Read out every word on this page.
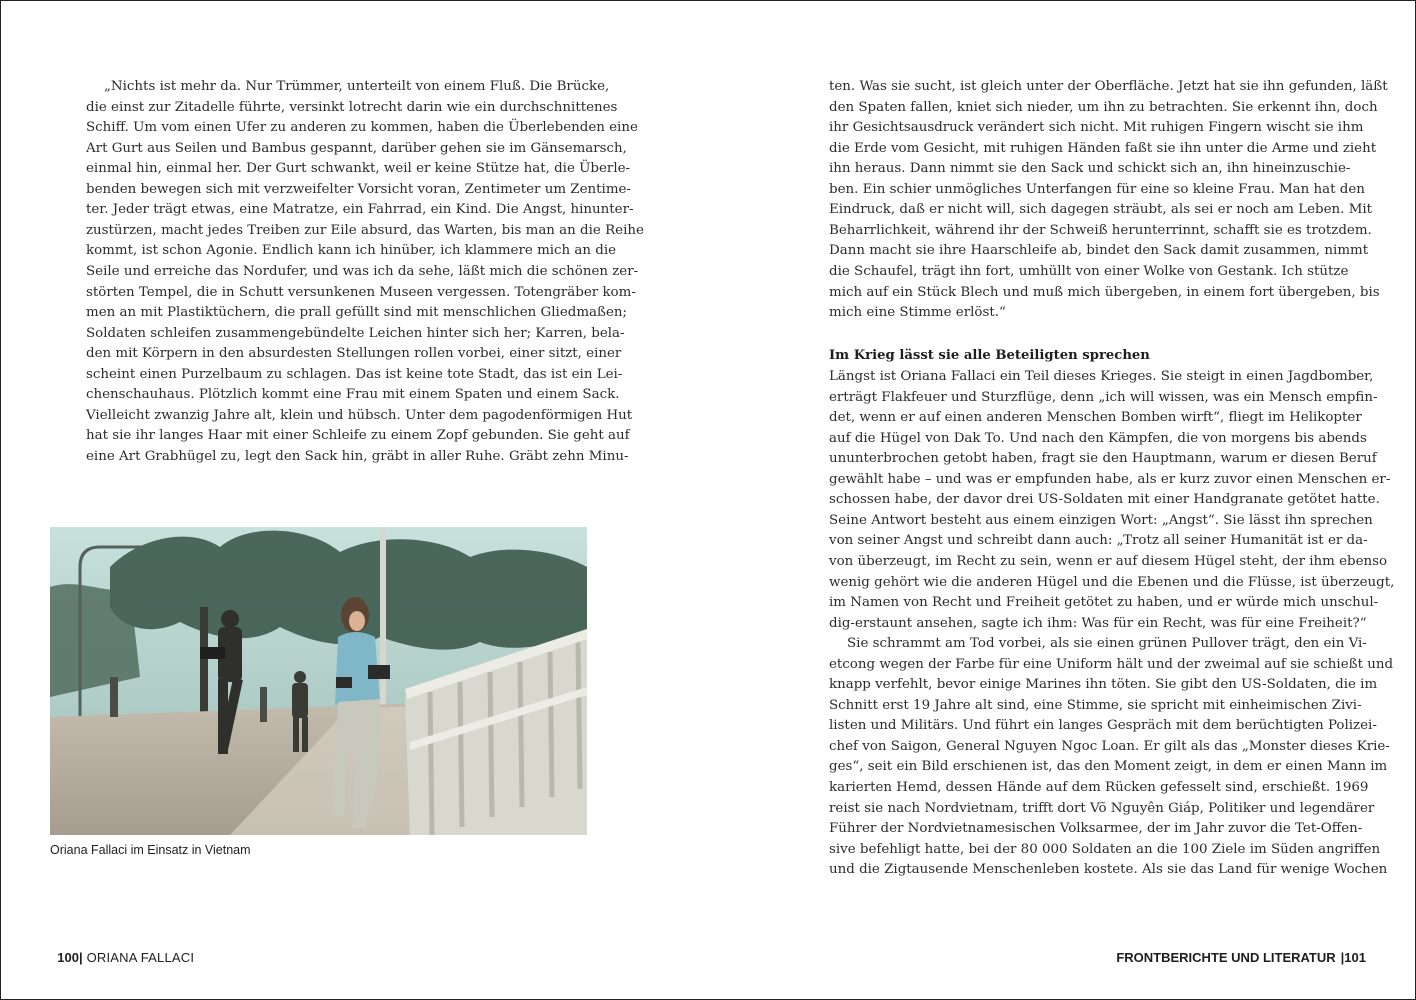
„Nichts ist mehr da. Nur Trümmer, unterteilt von einem Fluß. Die Brücke,
die einst zur Zitadelle führte, versinkt lotrecht darin wie ein durchschnittenes
Schiff. Um vom einen Ufer zu anderen zu kommen, haben die Überlebenden eine
Art Gurt aus Seilen und Bambus gespannt, darüber gehen sie im Gänsemarsch,
einmal hin, einmal her. Der Gurt schwankt, weil er keine Stütze hat, die Überle-
benden bewegen sich mit verzweifelter Vorsicht voran, Zentimeter um Zentime-
ter. Jeder trägt etwas, eine Matratze, ein Fahrrad, ein Kind. Die Angst, hinunter-
zustürzen, macht jedes Treiben zur Eile absurd, das Warten, bis man an die Reihe
kommt, ist schon Agonie. Endlich kann ich hinüber, ich klammere mich an die
Seile und erreiche das Nordufer, und was ich da sehe, läßt mich die schönen zer-
störten Tempel, die in Schutt versunkenen Museen vergessen. Totengräber kom-
men an mit Plastiktüchern, die prall gefüllt sind mit menschlichen Gliedmaßen;
Soldaten schleifen zusammengebündelte Leichen hinter sich her; Karren, bela-
den mit Körpern in den absurdesten Stellungen rollen vorbei, einer sitzt, einer
scheint einen Purzelbaum zu schlagen. Das ist keine tote Stadt, das ist ein Lei-
chenschauhaus. Plötzlich kommt eine Frau mit einem Spaten und einem Sack.
Vielleicht zwanzig Jahre alt, klein und hübsch. Unter dem pagodenförmigen Hut
hat sie ihr langes Haar mit einer Schleife zu einem Zopf gebunden. Sie geht auf
eine Art Grabhügel zu, legt den Sack hin, gräbt in aller Ruhe. Gräbt zehn Minu-
Oriana Fallaci im Einsatz in Vietnam

100| ORIANA FALLACI

ten. Was sie sucht, ist gleich unter der Oberfläche. Jetzt hat sie ihn gefunden, läßt
den Spaten fallen, kniet sich nieder, um ihn zu betrachten. Sie erkennt ihn, doch
ihr Gesichtsausdruck verändert sich nicht. Mit ruhigen Fingern wischt sie ihm
die Erde vom Gesicht, mit ruhigen Händen faßt sie ihn unter die Arme und zieht
ihn heraus. Dann nimmt sie den Sack und schickt sich an, ihn hineinzuschie-
ben. Ein schier unmögliches Unterfangen für eine so kleine Frau. Man hat den
Eindruck, daß er nicht will, sich dagegen sträubt, als sei er noch am Leben. Mit
Beharrlichkeit, während ihr der Schweiß herunterrinnt, schafft sie es trotzdem.
Dann macht sie ihre Haarschleife ab, bindet den Sack damit zusammen, nimmt
die Schaufel, trägt ihn fort, umhüllt von einer Wolke von Gestank. Ich stütze
mich auf ein Stück Blech und muß mich übergeben, in einem fort übergeben, bis
mich eine Stimme erlöst.“
Im Krieg lässt sie alle Beteiligten sprechen
Längst ist Oriana Fallaci ein Teil dieses Krieges. Sie steigt in einen Jagdbomber,
erträgt Flakfeuer und Sturzflüge, denn „ich will wissen, was ein Mensch empfin-
det, wenn er auf einen anderen Menschen Bomben wirft“, fliegt im Helikopter
auf die Hügel von Dak To. Und nach den Kämpfen, die von morgens bis abends
ununterbrochen getobt haben, fragt sie den Hauptmann, warum er diesen Beruf
gewählt habe – und was er empfunden habe, als er kurz zuvor einen Menschen er-
schossen habe, der davor drei US-Soldaten mit einer Handgranate getötet hatte.
Seine Antwort besteht aus einem einzigen Wort: „Angst“. Sie lässt ihn sprechen
von seiner Angst und schreibt dann auch: „Trotz all seiner Humanität ist er da-
von überzeugt, im Recht zu sein, wenn er auf diesem Hügel steht, der ihm ebenso
wenig gehört wie die anderen Hügel und die Ebenen und die Flüsse, ist überzeugt,
im Namen von Recht und Freiheit getötet zu haben, und er würde mich unschul-
dig-erstaunt ansehen, sagte ich ihm: Was für ein Recht, was für eine Freiheit?“
Sie schrammt am Tod vorbei, als sie einen grünen Pullover trägt, den ein Vi-
etcong wegen der Farbe für eine Uniform hält und der zweimal auf sie schießt und
knapp verfehlt, bevor einige Marines ihn töten. Sie gibt den US-Soldaten, die im
Schnitt erst 19 Jahre alt sind, eine Stimme, sie spricht mit einheimischen Zivi-
listen und Militärs. Und führt ein langes Gespräch mit dem berüchtigten Polizei-
chef von Saigon, General Nguyen Ngoc Loan. Er gilt als das „Monster dieses Krie-
ges“, seit ein Bild erschienen ist, das den Moment zeigt, in dem er einen Mann im
karierten Hemd, dessen Hände auf dem Rücken gefesselt sind, erschießt. 1969
reist sie nach Nordvietnam, trifft dort Võ Nguyên Giáp, Politiker und legendärer
Führer der Nordvietnamesischen Volksarmee, der im Jahr zuvor die Tet-Offen-
sive befehligt hatte, bei der 80 000 Soldaten an die 100 Ziele im Süden angriffen
und die Zigtausende Menschenleben kostete. Als sie das Land für wenige Wochen

FRONTBERICHTE UND LITERATUR |101
